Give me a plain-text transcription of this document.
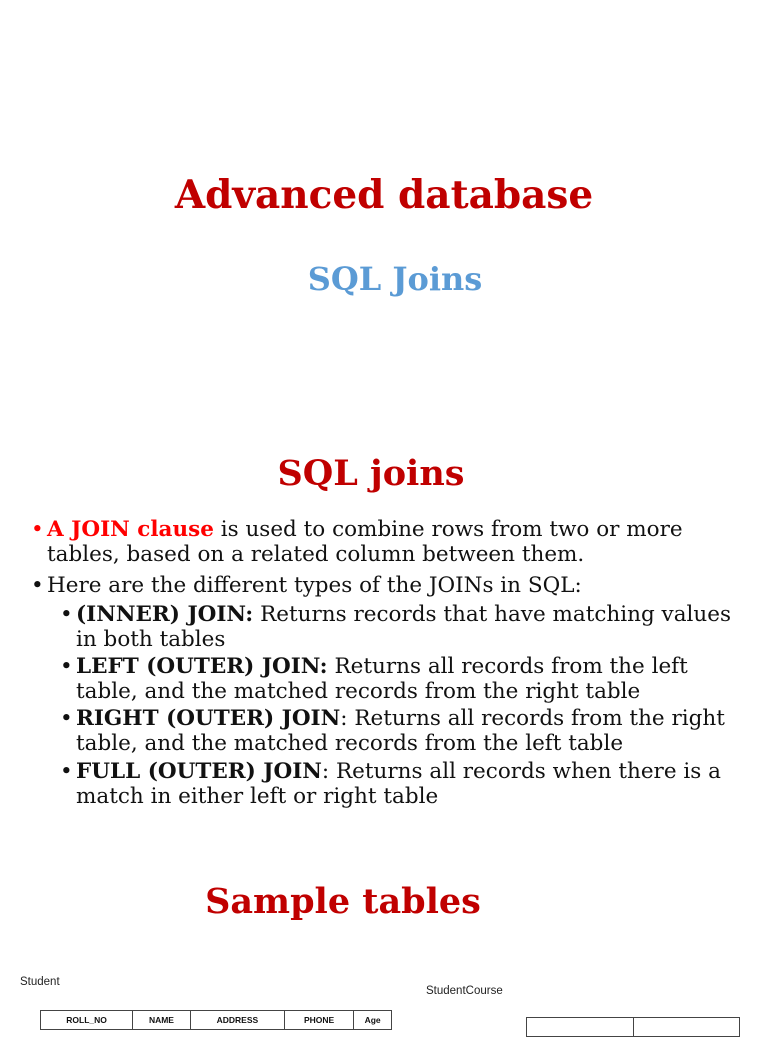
Advanced database
SQL Joins
SQL joins
• A JOIN clause is used to combine rows from two or more tables, based on a related column between them.
• Here are the different types of the JOINs in SQL:
• (INNER) JOIN: Returns records that have matching values in both tables
• LEFT (OUTER) JOIN: Returns all records from the left table, and the matched records from the right table
• RIGHT (OUTER) JOIN: Returns all records from the right table, and the matched records from the left table
• FULL (OUTER) JOIN: Returns all records when there is a match in either left or right table
Sample tables
Student
ROLL_NO	NAME	ADDRESS	PHONE	Age
StudentCourse
